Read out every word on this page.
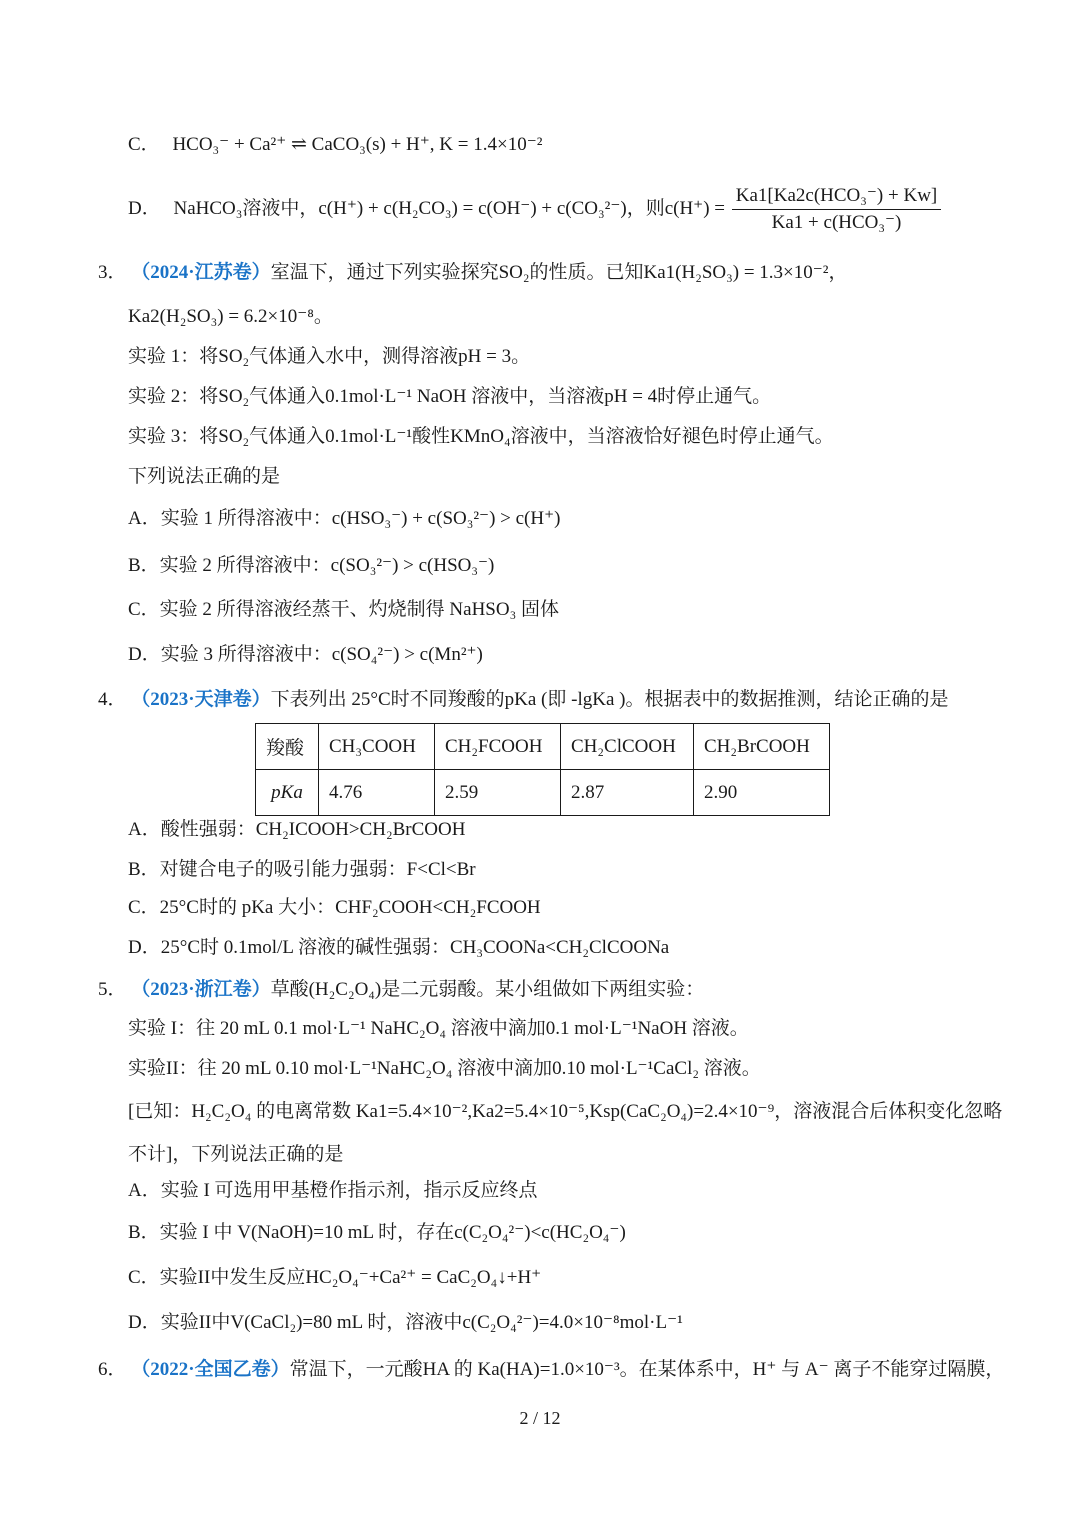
C． HCO₃⁻ + Ca²⁺ ⇌ CaCO₃(s) + H⁺, K = 1.4×10⁻²
D． NaHCO₃溶液中，c(H⁺) + c(H₂CO₃) = c(OH⁻) + c(CO₃²⁻)，则$c(H^+) = \frac{\text{Ka1[Ka2c(HCO₃⁻) + Kw]}}{\text{Ka1 + c(HCO₃⁻)}}$
3． （2024·江苏卷）室温下，通过下列实验探究SO₂的性质。已知Ka1(H₂SO₃) = 1.3×10⁻²，
Ka2(H₂SO₃) = 6.2×10⁻⁸。
实验 1：将SO₂气体通入水中，测得溶液pH = 3。
实验 2：将SO₂气体通入0.1mol·L⁻¹ NaOH 溶液中，当溶液pH = 4时停止通气。
实验 3：将SO₂气体通入0.1mol·L⁻¹酸性KMnO₄溶液中，当溶液恰好褪色时停止通气。
下列说法正确的是
A．实验 1 所得溶液中：c(HSO₃⁻) + c(SO₃²⁻) > c(H⁺)
B．实验 2 所得溶液中：c(SO₃²⁻) > c(HSO₃⁻)
C．实验 2 所得溶液经蒸干、灼烧制得 NaHSO₃ 固体
D．实验 3 所得溶液中：c(SO₄²⁻) > c(Mn²⁺)
4． （2023·天津卷）下表列出 25°C时不同羧酸的pKa (即 -lgKa )。根据表中的数据推测，结论正确的是
羧酸	CH₃COOH	CH₂FCOOH	CH₂ClCOOH	CH₂BrCOOH
pKa	4.76	2.59	2.87	2.90
A．酸性强弱：CH₂ICOOH>CH₂BrCOOH
B．对键合电子的吸引能力强弱：F<Cl<Br
C．25°C时的 pKa 大小：CHF₂COOH<CH₂FCOOH
D．25°C时 0.1mol/L 溶液的碱性强弱：CH₃COONa<CH₂ClCOONa
5． （2023·浙江卷）草酸(H₂C₂O₄)是二元弱酸。某小组做如下两组实验：
实验 I：往 20 mL 0.1 mol·L⁻¹ NaHC₂O₄ 溶液中滴加0.1 mol·L⁻¹NaOH 溶液。
实验II：往 20 mL 0.10 mol·L⁻¹NaHC₂O₄ 溶液中滴加0.10 mol·L⁻¹CaCl₂ 溶液。
[已知：H₂C₂O₄ 的电离常数 Ka1=5.4×10⁻²,Ka2=5.4×10⁻⁵,Ksp(CaC₂O₄)=2.4×10⁻⁹，溶液混合后体积变化忽略
不计]，下列说法正确的是
A．实验 I 可选用甲基橙作指示剂，指示反应终点
B．实验 I 中 V(NaOH)=10 mL 时，存在c(C₂O₄²⁻)<c(HC₂O₄⁻)
C．实验II中发生反应HC₂O₄⁻+Ca²⁺ = CaC₂O₄↓+H⁺
D．实验II中V(CaCl₂)=80 mL 时，溶液中c(C₂O₄²⁻)=4.0×10⁻⁸mol·L⁻¹
6． （2022·全国乙卷）常温下，一元酸HA 的 Ka(HA)=1.0×10⁻³。在某体系中，H⁺ 与 A⁻ 离子不能穿过隔膜，
2 / 12
